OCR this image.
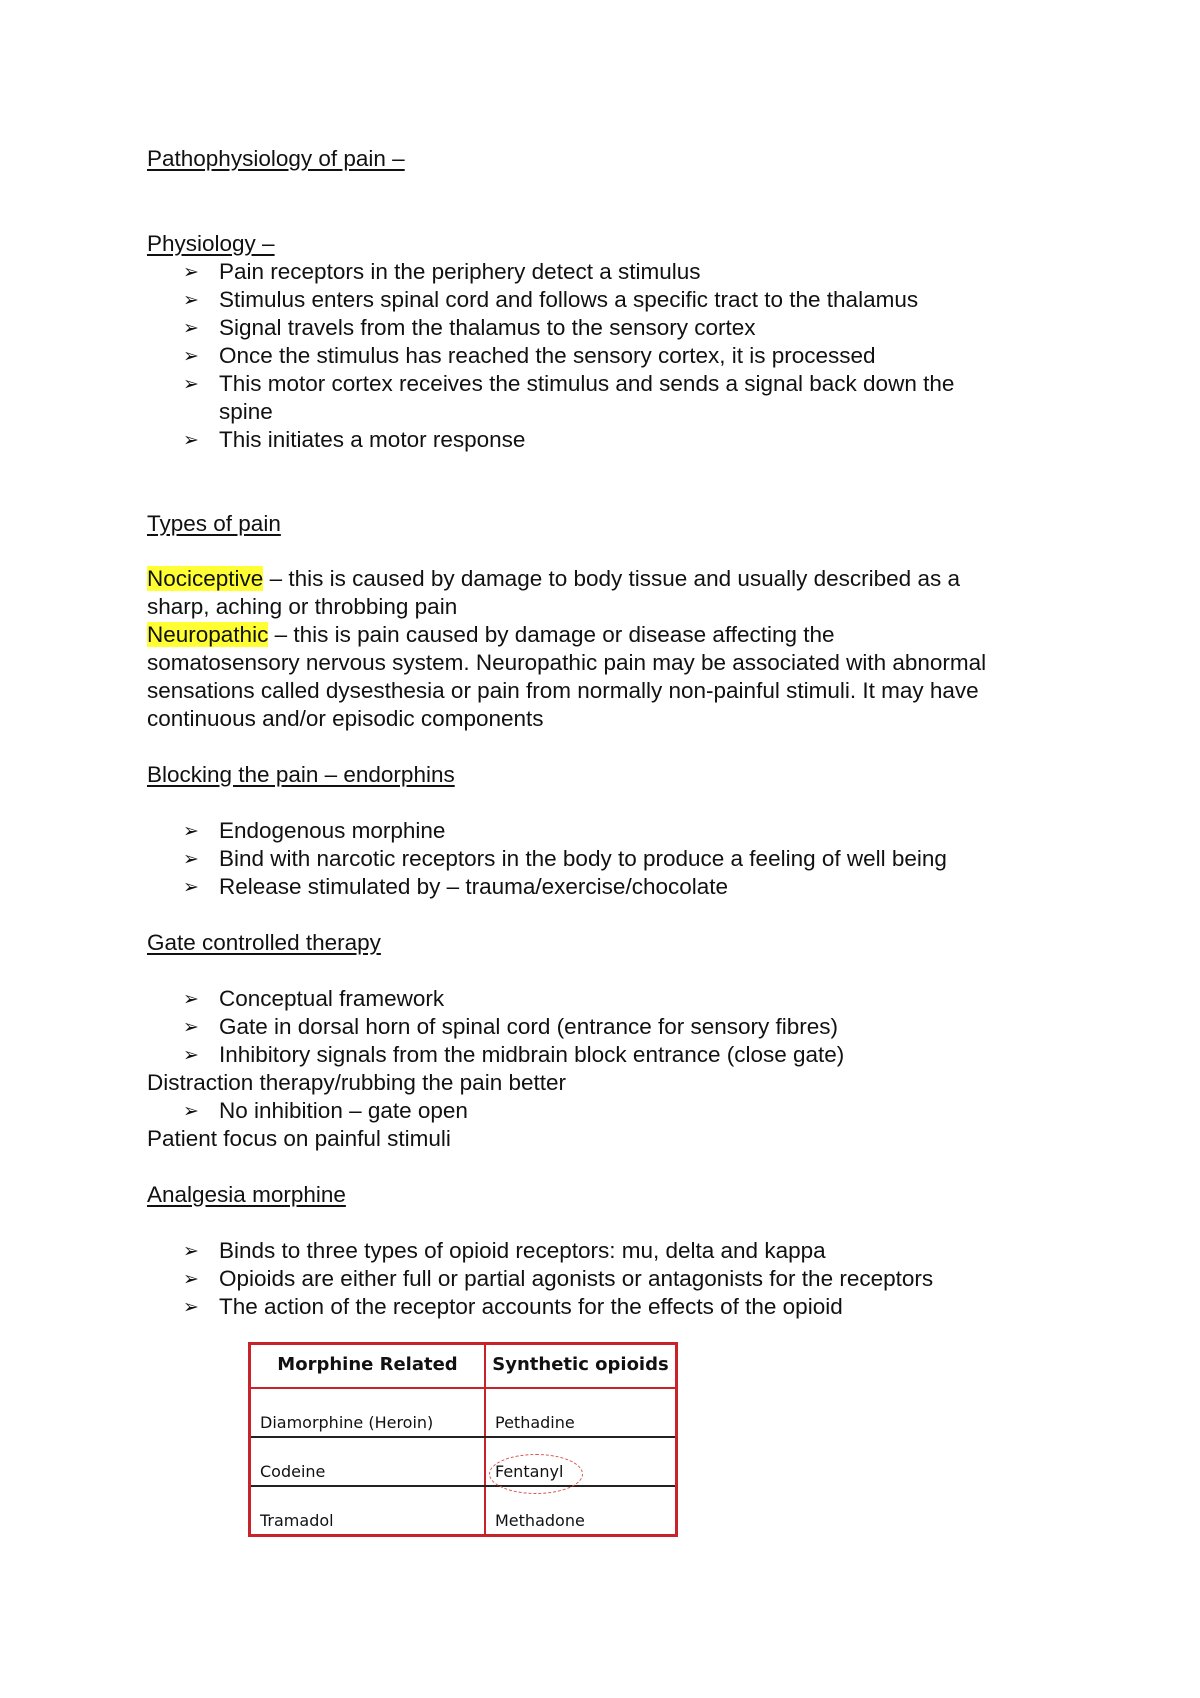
Pathophysiology of pain –
Physiology –
➢ Pain receptors in the periphery detect a stimulus
➢ Stimulus enters spinal cord and follows a specific tract to the thalamus
➢ Signal travels from the thalamus to the sensory cortex
➢ Once the stimulus has reached the sensory cortex, it is processed
➢ This motor cortex receives the stimulus and sends a signal back down the
spine
➢ This initiates a motor response
Types of pain
Nociceptive – this is caused by damage to body tissue and usually described as a
sharp, aching or throbbing pain
Neuropathic – this is pain caused by damage or disease affecting the
somatosensory nervous system. Neuropathic pain may be associated with abnormal
sensations called dysesthesia or pain from normally non-painful stimuli. It may have
continuous and/or episodic components
Blocking the pain – endorphins
➢ Endogenous morphine
➢ Bind with narcotic receptors in the body to produce a feeling of well being
➢ Release stimulated by – trauma/exercise/chocolate
Gate controlled therapy
➢ Conceptual framework
➢ Gate in dorsal horn of spinal cord (entrance for sensory fibres)
➢ Inhibitory signals from the midbrain block entrance (close gate)
Distraction therapy/rubbing the pain better
➢ No inhibition – gate open
Patient focus on painful stimuli
Analgesia morphine
➢ Binds to three types of opioid receptors: mu, delta and kappa
➢ Opioids are either full or partial agonists or antagonists for the receptors
➢ The action of the receptor accounts for the effects of the opioid
Morphine Related	Synthetic opioids
Diamorphine (Heroin)	Pethadine
Codeine	Fentanyl
Tramadol	Methadone
